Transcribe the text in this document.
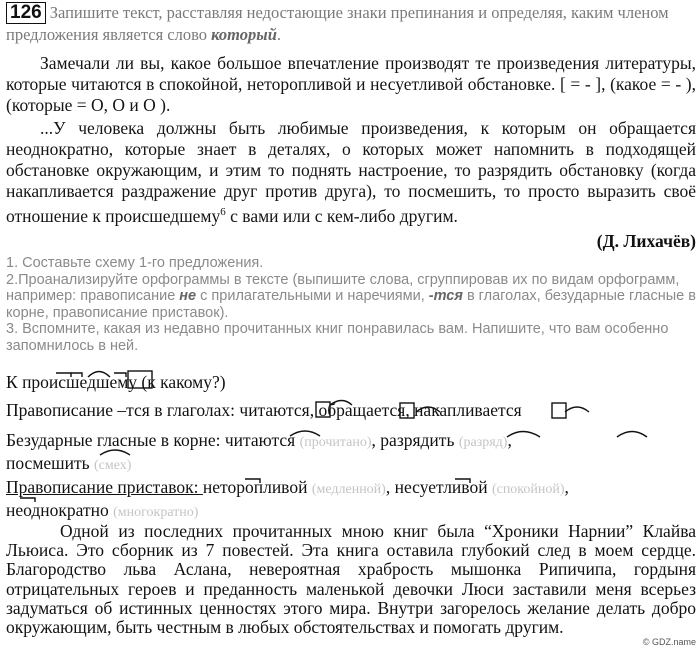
126 Запишите текст, расставляя недостающие знаки препинания и определяя, каким членом предложения является слово который.
Замечали ли вы, какое большое впечатление производят те произведения литературы, которые читаются в спокойной, неторопливой и несуетливой обстановке. [ = - ], (какое = - ), (которые = О, О и О ).
...У человека должны быть любимые произведения, к которым он обращается неоднократно, которые знает в деталях, о которых может напомнить в подходящей обстановке окружающим, и этим то поднять настроение, то разрядить обстановку (когда накапливается раздражение друг против друга), то посмешить, то просто выразить своё отношение к происшедшему$^6$ с вами или с кем-либо другим.
(Д. Лихачёв)
1. Составьте схему 1-го предложения.
2.Проанализируйте орфограммы в тексте (выпишите слова, сгруппировав их по видам орфограмм, например: правописание не с прилагательными и наречиями, -тся в глаголах, безударные гласные в корне, правописание приставок).
3. Вспомните, какая из недавно прочитанных книг понравилась вам. Напишите, что вам особенно запомнилось в ней.
К происшедшему (к какому?)
Правописание –тся в глаголах: читаются, обращается, накапливается
Безударные гласные в корне: читаются (прочитано), разрядить (разряд),
посмешить (смех)
Правописание приставок: неторопливой (медленной), несуетливой (спокойной),
неоднократно (многократно)
Одной из последних прочитанных мною книг была “Хроники Нарнии” Клайва Льюиса. Это сборник из 7 повестей. Эта книга оставила глубокий след в моем сердце. Благородство льва Аслана, невероятная храбрость мышонка Рипичипа, гордыня отрицательных героев и преданность маленькой девочки Люси заставили меня всерьез задуматься об истинных ценностях этого мира. Внутри загорелось желание делать добро окружающим, быть честным в любых обстоятельствах и помогать другим.
© GDZ.name
